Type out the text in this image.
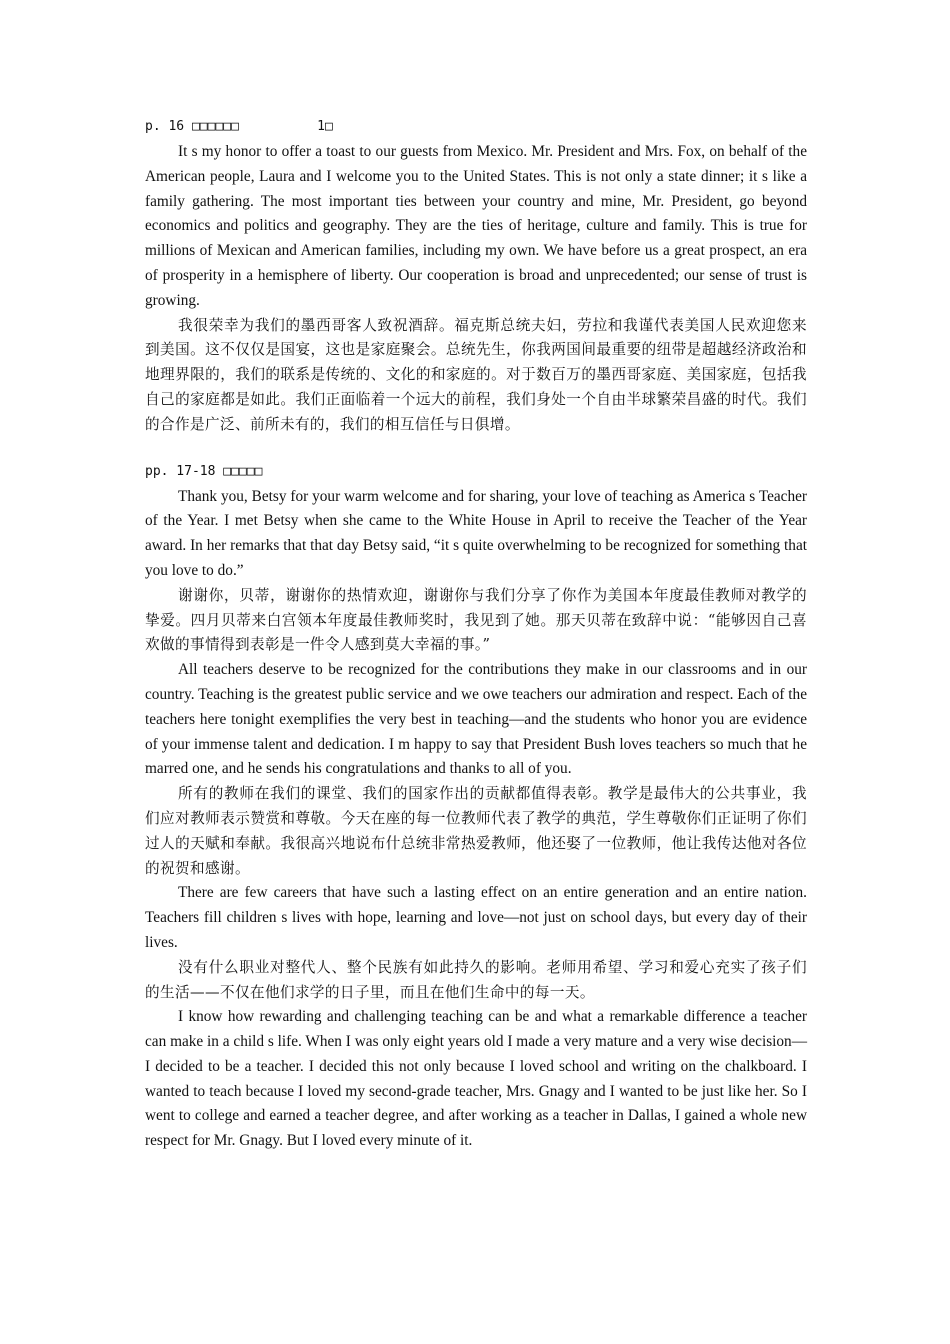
p. 16 □□□□□□          1□

It s my honor to offer a toast to our guests from Mexico. Mr. President and Mrs. Fox, on behalf of the American people, Laura and I welcome you to the United States. This is not only a state dinner; it s like a family gathering. The most important ties between your country and mine, Mr. President, go beyond economics and politics and geography. They are the ties of heritage, culture and family. This is true for millions of Mexican and American families, including my own. We have before us a great prospect, an era of prosperity in a hemisphere of liberty. Our cooperation is broad and unprecedented; our sense of trust is growing.

我很荣幸为我们的墨西哥客人致祝酒辞。福克斯总统夫妇，劳拉和我谨代表美国人民欢迎您来到美国。这不仅仅是国宴，这也是家庭聚会。总统先生，你我两国间最重要的纽带是超越经济政治和地理界限的，我们的联系是传统的、文化的和家庭的。对于数百万的墨西哥家庭、美国家庭，包括我自己的家庭都是如此。我们正面临着一个远大的前程，我们身处一个自由半球繁荣昌盛的时代。我们的合作是广泛、前所未有的，我们的相互信任与日俱增。

pp. 17-18 □□□□□

Thank you, Betsy for your warm welcome and for sharing, your love of teaching as America s Teacher of the Year. I met Betsy when she came to the White House in April to receive the Teacher of the Year award. In her remarks that that day Betsy said, “it s quite overwhelming to be recognized for something that you love to do.”

谢谢你，贝蒂，谢谢你的热情欢迎，谢谢你与我们分享了你作为美国本年度最佳教师对教学的挚爱。四月贝蒂来白宫领本年度最佳教师奖时，我见到了她。那天贝蒂在致辞中说：“能够因自己喜欢做的事情得到表彰是一件令人感到莫大幸福的事。”

All teachers deserve to be recognized for the contributions they make in our classrooms and in our country. Teaching is the greatest public service and we owe teachers our admiration and respect. Each of the teachers here tonight exemplifies the very best in teaching—and the students who honor you are evidence of your immense talent and dedication. I m happy to say that President Bush loves teachers so much that he marred one, and he sends his congratulations and thanks to all of you.

所有的教师在我们的课堂、我们的国家作出的贡献都值得表彰。教学是最伟大的公共事业，我们应对教师表示赞赏和尊敬。今天在座的每一位教师代表了教学的典范，学生尊敬你们正证明了你们过人的天赋和奉献。我很高兴地说布什总统非常热爱教师，他还娶了一位教师，他让我传达他对各位的祝贺和感谢。

There are few careers that have such a lasting effect on an entire generation and an entire nation. Teachers fill children s lives with hope, learning and love—not just on school days, but every day of their lives.

没有什么职业对整代人、整个民族有如此持久的影响。老师用希望、学习和爱心充实了孩子们的生活——不仅在他们求学的日子里，而且在他们生命中的每一天。

I know how rewarding and challenging teaching can be and what a remarkable difference a teacher can make in a child s life. When I was only eight years old I made a very mature and a very wise decision—I decided to be a teacher. I decided this not only because I loved school and writing on the chalkboard. I wanted to teach because I loved my second-grade teacher, Mrs. Gnagy and I wanted to be just like her. So I went to college and earned a teacher degree, and after working as a teacher in Dallas, I gained a whole new respect for Mr. Gnagy. But I loved every minute of it.
